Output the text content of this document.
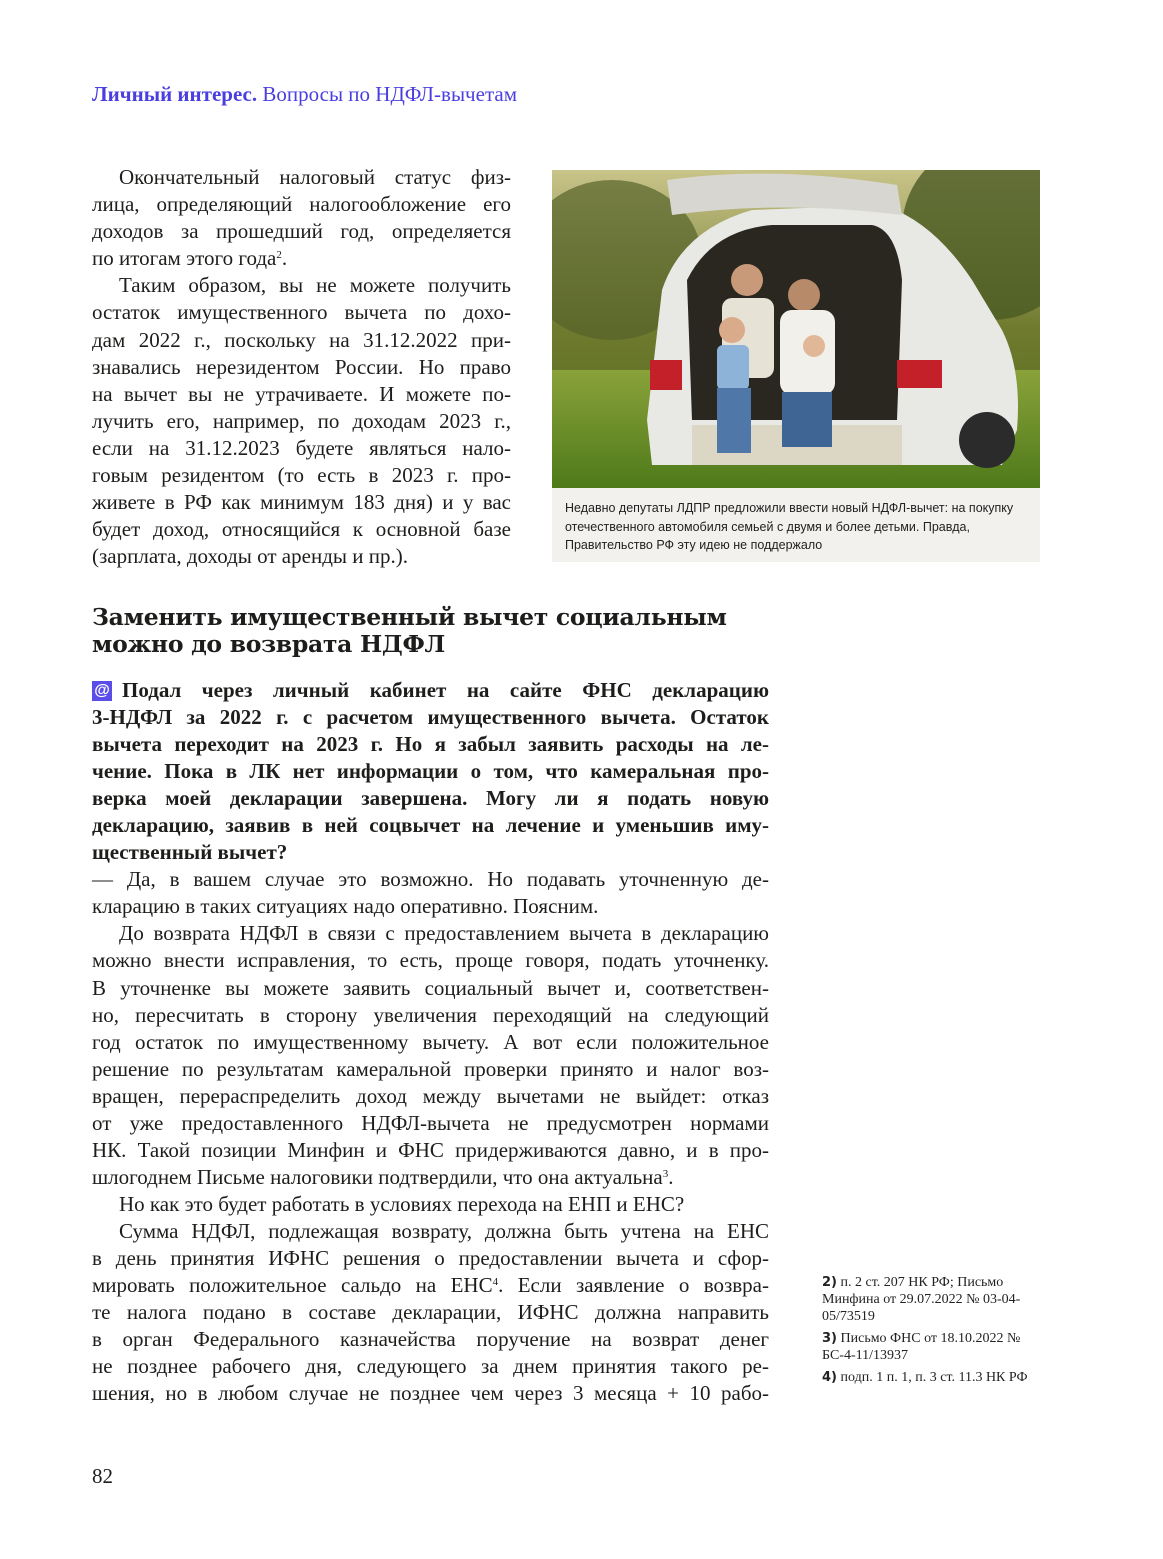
Личный интерес. Вопросы по НДФЛ-вычетам
Окончательный налоговый статус физ-
лица, определяющий налогообложение его
доходов за прошедший год, определяется
по итогам этого года$^2$.
Таким образом, вы не можете получить
остаток имущественного вычета по дохо-
дам 2022 г., поскольку на 31.12.2022 при-
знавались нерезидентом России. Но право
на вычет вы не утрачиваете. И можете по-
лучить его, например, по доходам 2023 г.,
если на 31.12.2023 будете являться нало-
говым резидентом (то есть в 2023 г. про-
живете в РФ как минимум 183 дня) и у вас
будет доход, относящийся к основной базе
(зарплата, доходы от аренды и пр.).
Недавно депутаты ЛДПР предложили ввести новый НДФЛ-вычет: на покупку
отечественного автомобиля семьей с двумя и более детьми. Правда,
Правительство РФ эту идею не поддержало
Заменить имущественный вычет социальным
можно до возврата НДФЛ
@ Подал через личный кабинет на сайте ФНС декларацию
3-НДФЛ за 2022 г. с расчетом имущественного вычета. Остаток
вычета переходит на 2023 г. Но я забыл заявить расходы на ле-
чение. Пока в ЛК нет информации о том, что камеральная про-
верка моей декларации завершена. Могу ли я подать новую
декларацию, заявив в ней соцвычет на лечение и уменьшив иму-
щественный вычет?
— Да, в вашем случае это возможно. Но подавать уточненную де-
кларацию в таких ситуациях надо оперативно. Поясним.
До возврата НДФЛ в связи с предоставлением вычета в декларацию
можно внести исправления, то есть, проще говоря, подать уточненку.
В уточненке вы можете заявить социальный вычет и, соответствен-
но, пересчитать в сторону увеличения переходящий на следующий
год остаток по имущественному вычету. А вот если положительное
решение по результатам камеральной проверки принято и налог воз-
вращен, перераспределить доход между вычетами не выйдет: отказ
от уже предоставленного НДФЛ-вычета не предусмотрен нормами
НК. Такой позиции Минфин и ФНС придерживаются давно, и в про-
шлогоднем Письме налоговики подтвердили, что она актуальна$^3$.
Но как это будет работать в условиях перехода на ЕНП и ЕНС?
Сумма НДФЛ, подлежащая возврату, должна быть учтена на ЕНС
в день принятия ИФНС решения о предоставлении вычета и сфор-
мировать положительное сальдо на ЕНС$^4$. Если заявление о возвра-
те налога подано в составе декларации, ИФНС должна направить
в орган Федерального казначейства поручение на возврат денег
не позднее рабочего дня, следующего за днем принятия такого ре-
шения, но в любом случае не позднее чем через 3 месяца + 10 рабо-
2) п. 2 ст. 207 НК РФ; Письмо Минфина от 29.07.2022 № 03-04-05/73519
3) Письмо ФНС от 18.10.2022 № БС-4-11/13937
4) подп. 1 п. 1, п. 3 ст. 11.3 НК РФ
82
